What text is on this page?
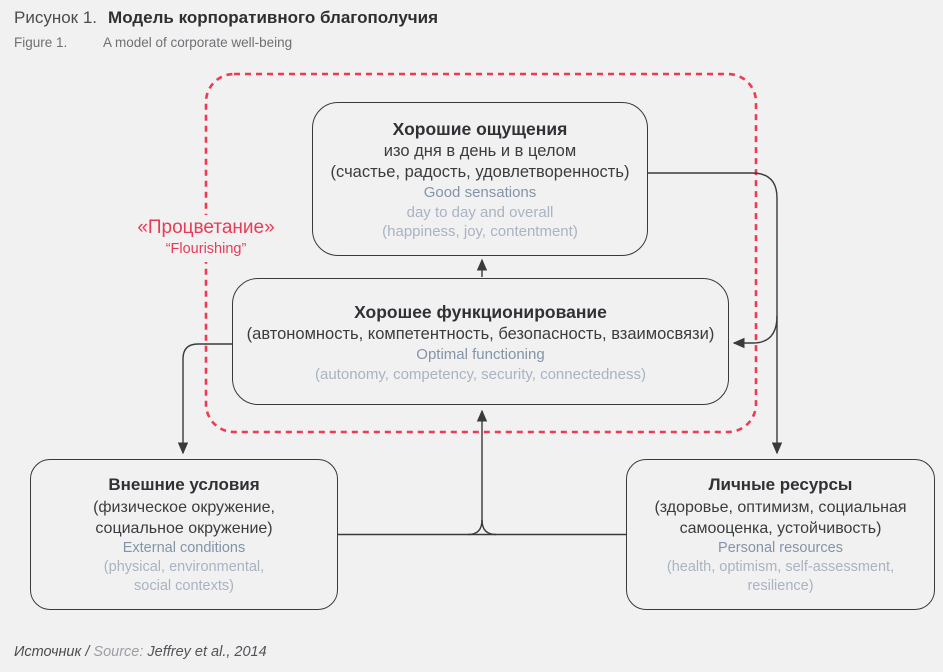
Рисунок 1. Модель корпоративного благополучия
Figure 1.	A model of corporate well-being
Хорошие ощущения
изо дня в день и в целом
(счастье, радость, удовлетворенность)
Good sensations
day to day and overall
(happiness, joy, contentment)
Хорошее функционирование
(автономность, компетентность, безопасность, взаимосвязи)
Optimal functioning
(autonomy, competency, security, connectedness)
Внешние условия
(физическое окружение,
социальное окружение)
External conditions
(physical, environmental,
social contexts)
Личные ресурсы
(здоровье, оптимизм, социальная
самооценка, устойчивость)
Personal resources
(health, optimism, self-assessment,
resilience)
«Процветание»
“Flourishing”
Источник / Source: Jeffrey et al., 2014
